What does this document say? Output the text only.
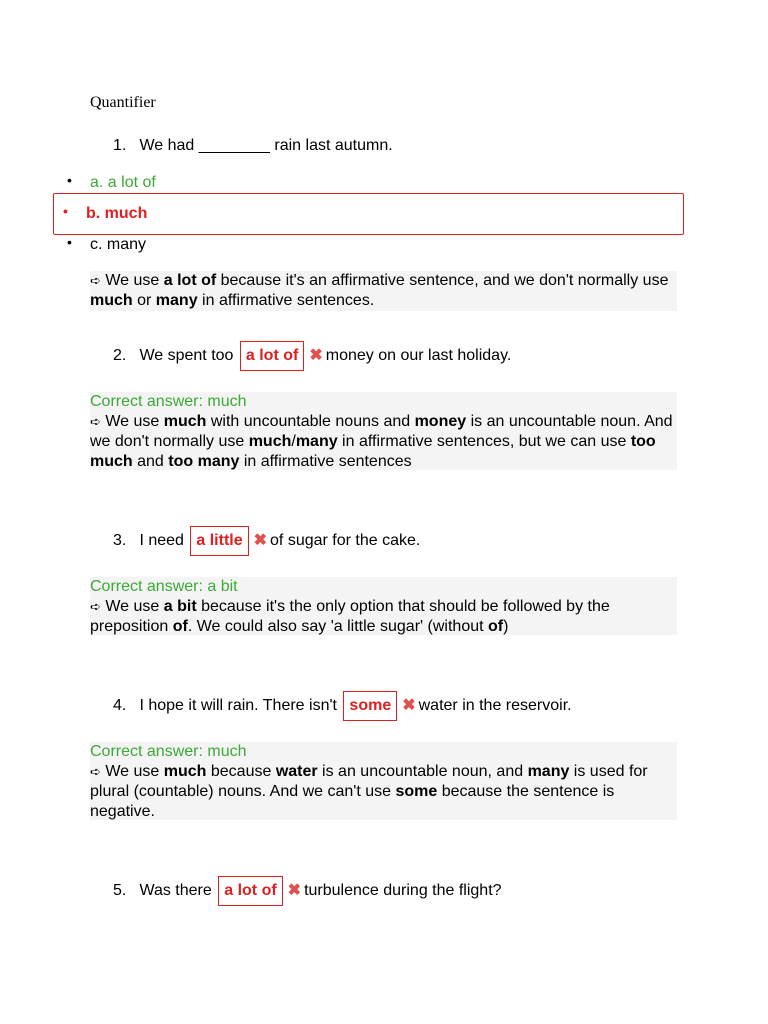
Quantifier
1. We had ________ rain last autumn.
• a. a lot of
• b. much
• c. many
➪ We use a lot of because it's an affirmative sentence, and we don't normally use much or many in affirmative sentences.
2. We spent too a lot of ✖ money on our last holiday.
Correct answer: much
➪ We use much with uncountable nouns and money is an uncountable noun. And we don't normally use much/many in affirmative sentences, but we can use too much and too many in affirmative sentences
3. I need a little ✖ of sugar for the cake.
Correct answer: a bit
➪ We use a bit because it's the only option that should be followed by the preposition of. We could also say 'a little sugar' (without of)
4. I hope it will rain. There isn't some ✖ water in the reservoir.
Correct answer: much
➪ We use much because water is an uncountable noun, and many is used for plural (countable) nouns. And we can't use some because the sentence is negative.
5. Was there a lot of ✖ turbulence during the flight?
